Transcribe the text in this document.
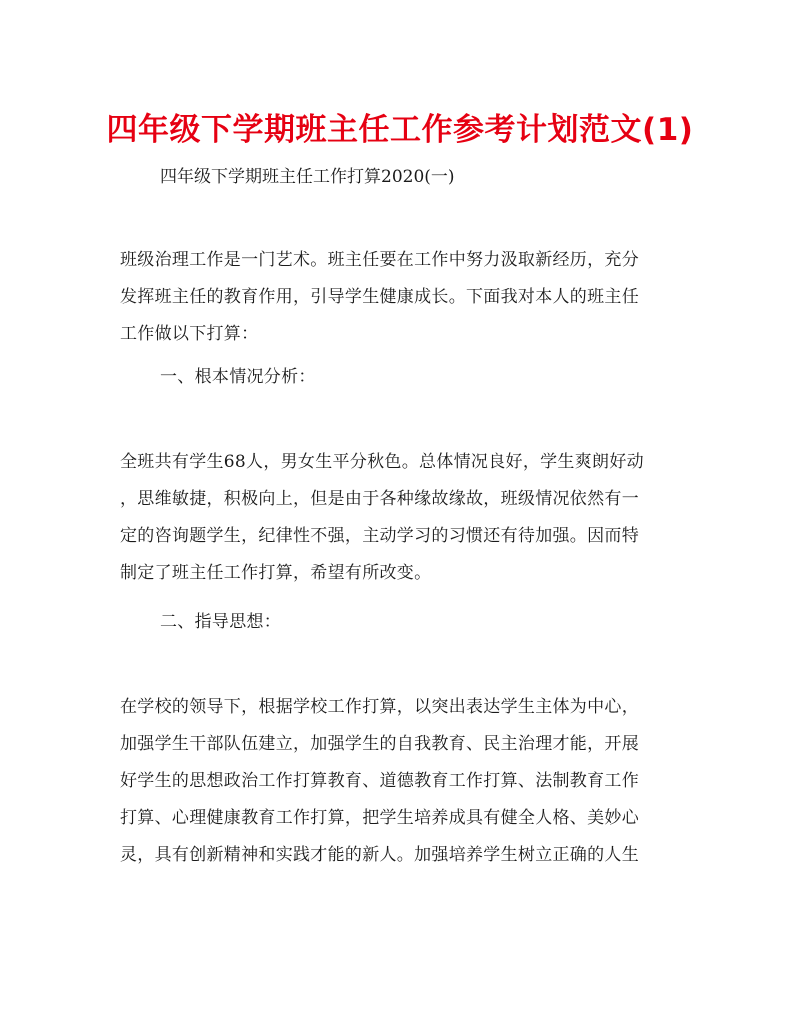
四年级下学期班主任工作参考计划范文(1)
四年级下学期班主任工作打算2020(一)
班级治理工作是一门艺术。班主任要在工作中努力汲取新经历，充分
发挥班主任的教育作用，引导学生健康成长。下面我对本人的班主任
工作做以下打算：
一、根本情况分析：
全班共有学生68人，男女生平分秋色。总体情况良好，学生爽朗好动
，思维敏捷，积极向上，但是由于各种缘故缘故，班级情况依然有一
定的咨询题学生，纪律性不强，主动学习的习惯还有待加强。因而特
制定了班主任工作打算，希望有所改变。
二、指导思想：
在学校的领导下，根据学校工作打算，以突出表达学生主体为中心，
加强学生干部队伍建立，加强学生的自我教育、民主治理才能，开展
好学生的思想政治工作打算教育、道德教育工作打算、法制教育工作
打算、心理健康教育工作打算，把学生培养成具有健全人格、美妙心
灵，具有创新精神和实践才能的新人。加强培养学生树立正确的人生
